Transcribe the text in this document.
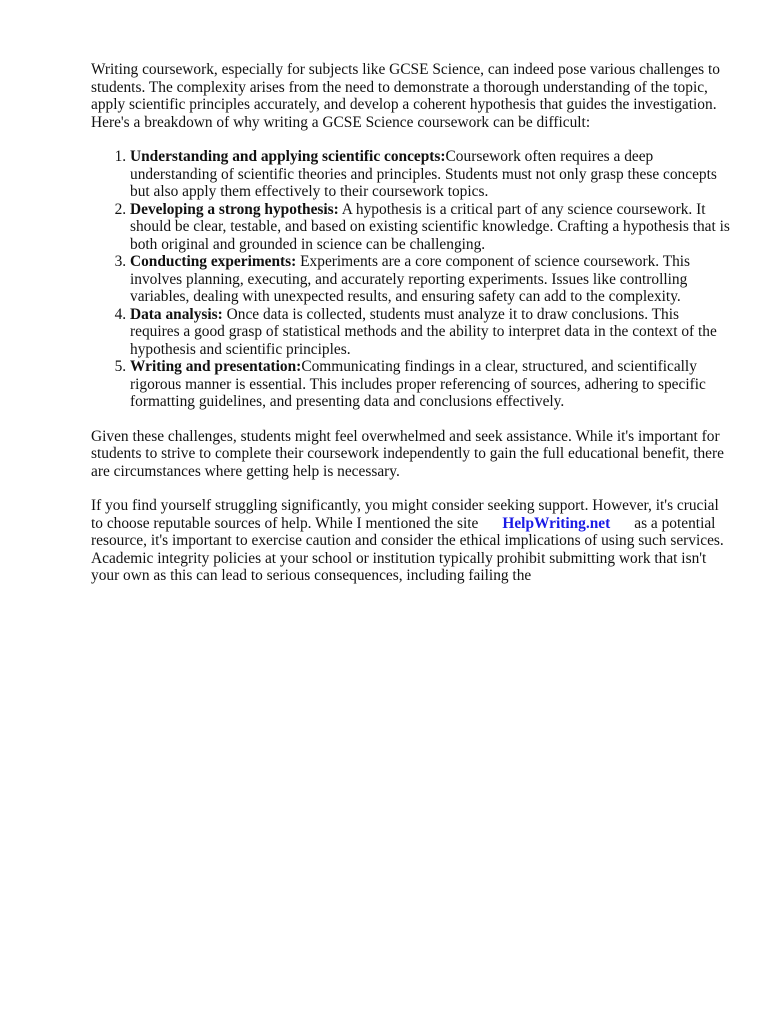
Writing coursework, especially for subjects like GCSE Science, can indeed pose various challenges to students. The complexity arises from the need to demonstrate a thorough understanding of the topic, apply scientific principles accurately, and develop a coherent hypothesis that guides the investigation. Here's a breakdown of why writing a GCSE Science coursework can be difficult:

1. Understanding and applying scientific concepts:Coursework often requires a deep understanding of scientific theories and principles. Students must not only grasp these concepts but also apply them effectively to their coursework topics.
2. Developing a strong hypothesis: A hypothesis is a critical part of any science coursework. It should be clear, testable, and based on existing scientific knowledge. Crafting a hypothesis that is both original and grounded in science can be challenging.
3. Conducting experiments: Experiments are a core component of science coursework. This involves planning, executing, and accurately reporting experiments. Issues like controlling variables, dealing with unexpected results, and ensuring safety can add to the complexity.
4. Data analysis: Once data is collected, students must analyze it to draw conclusions. This requires a good grasp of statistical methods and the ability to interpret data in the context of the hypothesis and scientific principles.
5. Writing and presentation:Communicating findings in a clear, structured, and scientifically rigorous manner is essential. This includes proper referencing of sources, adhering to specific formatting guidelines, and presenting data and conclusions effectively.

Given these challenges, students might feel overwhelmed and seek assistance. While it's important for students to strive to complete their coursework independently to gain the full educational benefit, there are circumstances where getting help is necessary.

If you find yourself struggling significantly, you might consider seeking support. However, it's crucial to choose reputable sources of help. While I mentioned the site HelpWriting.net as a potential resource, it's important to exercise caution and consider the ethical implications of using such services. Academic integrity policies at your school or institution typically prohibit submitting work that isn't your own as this can lead to serious consequences, including failing the
